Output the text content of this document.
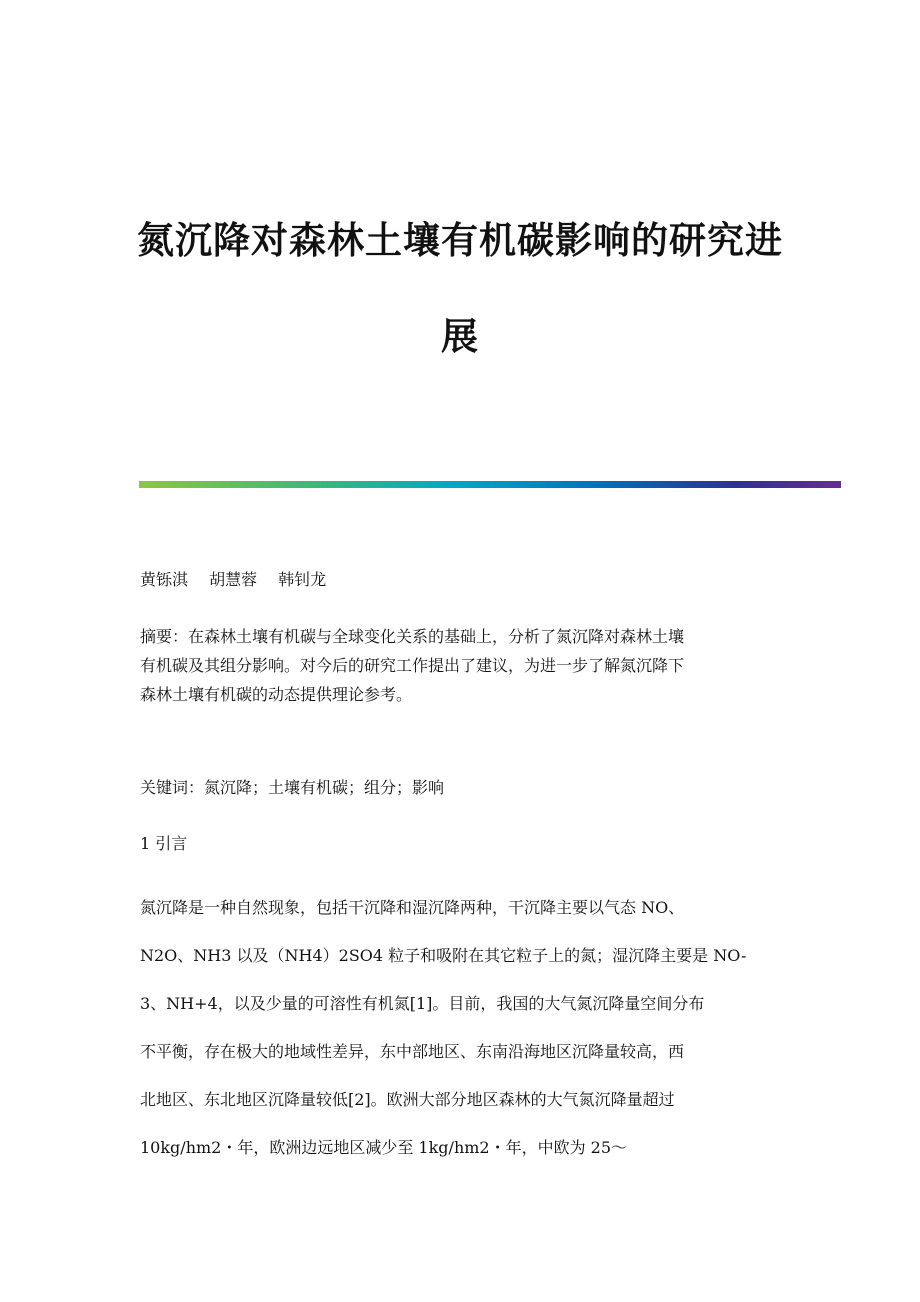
氮沉降对森林土壤有机碳影响的研究进
展

黄铄淇 胡慧蓉 韩钊龙

摘要：在森林土壤有机碳与全球变化关系的基础上，分析了氮沉降对森林土壤
有机碳及其组分影响。对今后的研究工作提出了建议，为进一步了解氮沉降下
森林土壤有机碳的动态提供理论参考。

关键词：氮沉降；土壤有机碳；组分；影响

1 引言

氮沉降是一种自然现象，包括干沉降和湿沉降两种，干沉降主要以气态 NO、
N2O、NH3 以及（NH4）2SO4 粒子和吸附在其它粒子上的氮；湿沉降主要是 NO-
3、NH+4，以及少量的可溶性有机氮[1]。目前，我国的大气氮沉降量空间分布
不平衡，存在极大的地域性差异，东中部地区、东南沿海地区沉降量较高，西
北地区、东北地区沉降量较低[2]。欧洲大部分地区森林的大气氮沉降量超过
10kg/hm2・年，欧洲边远地区减少至 1kg/hm2・年，中欧为 25～
